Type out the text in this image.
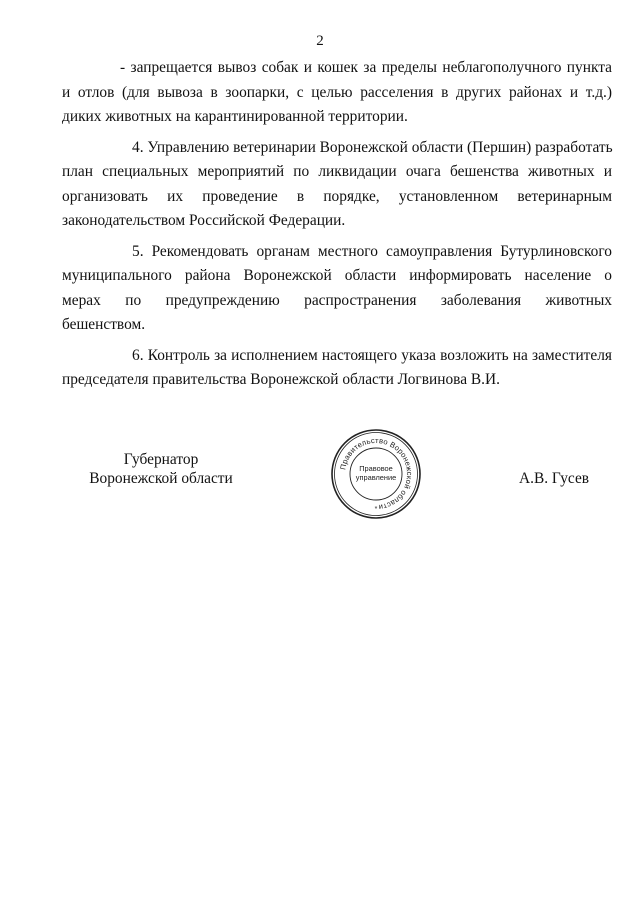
2

- запрещается вывоз собак и кошек за пределы неблагополучного пункта
и отлов (для вывоза в зоопарки, с целью расселения в других районах и т.д.)
диких животных на карантинированной территории.

4. Управлению ветеринарии Воронежской области (Першин) разработать
план специальных мероприятий по ликвидации очага бешенства животных и
организовать их проведение в порядке, установленном ветеринарным
законодательством Российской Федерации.

5. Рекомендовать органам местного самоуправления Бутурлиновского
муниципального района Воронежской области информировать население о
мерах по предупреждению распространения заболевания животных
бешенством.

6. Контроль за исполнением настоящего указа возложить на заместителя
председателя правительства Воронежской области Логвинова В.И.

Губернатор
Воронежской области	А.В. Гусев
Правительство Воронежской области
Правовое
управление
*
